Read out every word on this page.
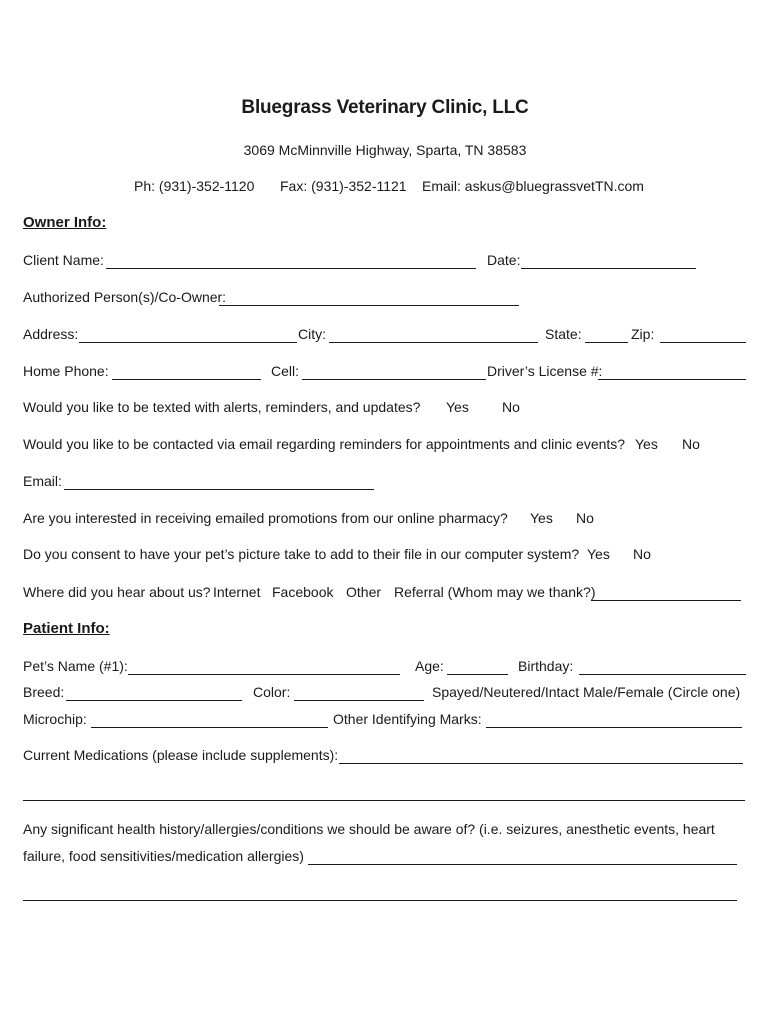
Bluegrass Veterinary Clinic, LLC
3069 McMinnville Highway, Sparta, TN 38583
Ph: (931)-352-1120 Fax: (931)-352-1121 Email: askus@bluegrassvetTN.com
Owner Info:
Client Name:	Date:
Authorized Person(s)/Co-Owner:
Address:	City:	State:	Zip:
Home Phone:	Cell:	Driver’s License #:
Would you like to be texted with alerts, reminders, and updates? Yes No
Would you like to be contacted via email regarding reminders for appointments and clinic events? Yes No
Email:
Are you interested in receiving emailed promotions from our online pharmacy? Yes No
Do you consent to have your pet’s picture take to add to their file in our computer system? Yes No
Where did you hear about us? Internet Facebook Other Referral (Whom may we thank?)
Patient Info:
Pet’s Name (#1):	Age:	Birthday:
Breed:	Color:	Spayed/Neutered/Intact Male/Female (Circle one)
Microchip:	Other Identifying Marks:
Current Medications (please include supplements):
Any significant health history/allergies/conditions we should be aware of? (i.e. seizures, anesthetic events, heart
failure, food sensitivities/medication allergies)
